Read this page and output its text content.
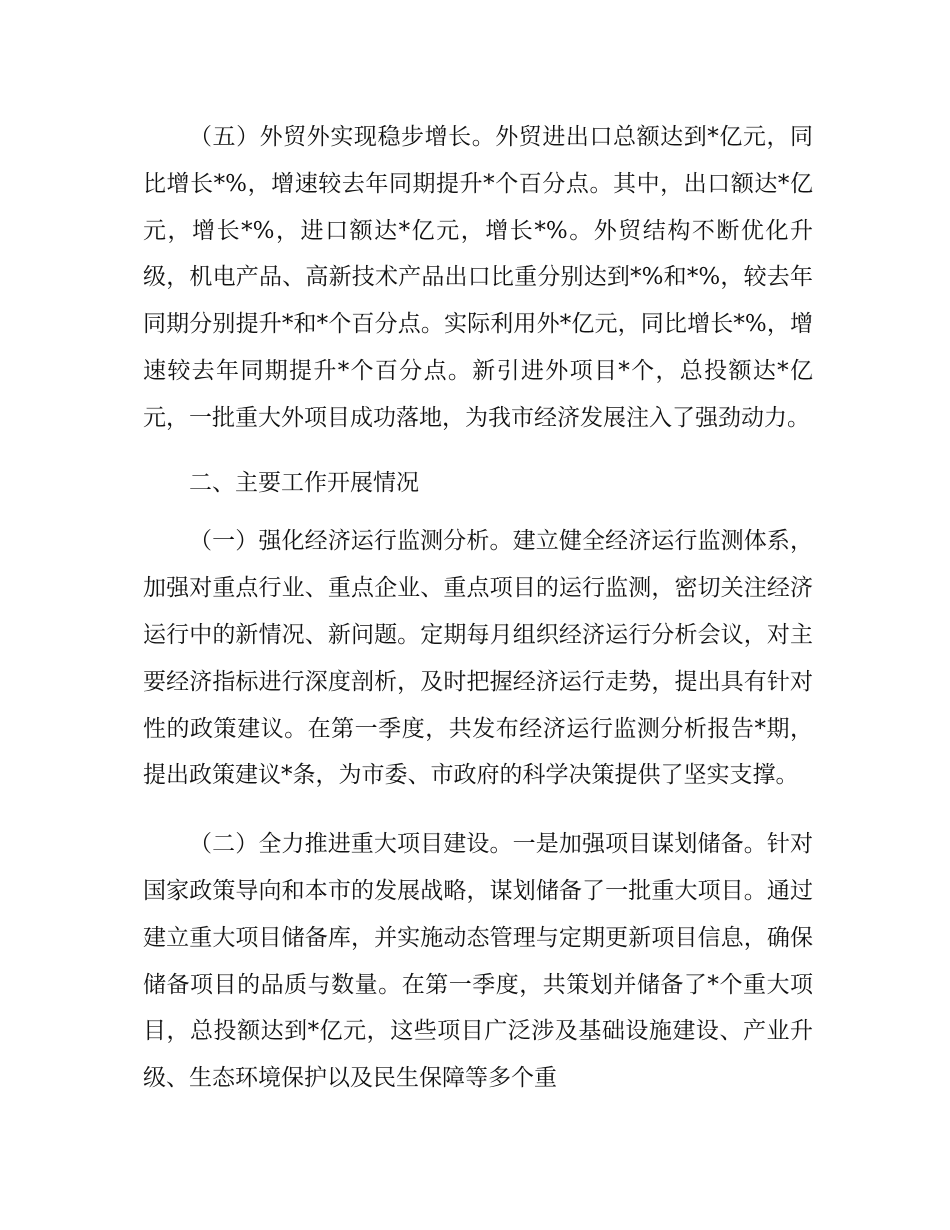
（五）外贸外实现稳步增长。外贸进出口总额达到*亿元，同比增长*%，增速较去年同期提升*个百分点。其中，出口额达*亿元，增长*%，进口额达*亿元，增长*%。外贸结构不断优化升级，机电产品、高新技术产品出口比重分别达到*%和*%，较去年同期分别提升*和*个百分点。实际利用外*亿元，同比增长*%，增速较去年同期提升*个百分点。新引进外项目*个，总投额达*亿元，一批重大外项目成功落地，为我市经济发展注入了强劲动力。

二、主要工作开展情况

（一）强化经济运行监测分析。建立健全经济运行监测体系，加强对重点行业、重点企业、重点项目的运行监测，密切关注经济运行中的新情况、新问题。定期每月组织经济运行分析会议，对主要经济指标进行深度剖析，及时把握经济运行走势，提出具有针对性的政策建议。在第一季度，共发布经济运行监测分析报告*期，提出政策建议*条，为市委、市政府的科学决策提供了坚实支撑。

（二）全力推进重大项目建设。一是加强项目谋划储备。针对国家政策导向和本市的发展战略，谋划储备了一批重大项目。通过建立重大项目储备库，并实施动态管理与定期更新项目信息，确保储备项目的品质与数量。在第一季度，共策划并储备了*个重大项目，总投额达到*亿元，这些项目广泛涉及基础设施建设、产业升级、生态环境保护以及民生保障等多个重
